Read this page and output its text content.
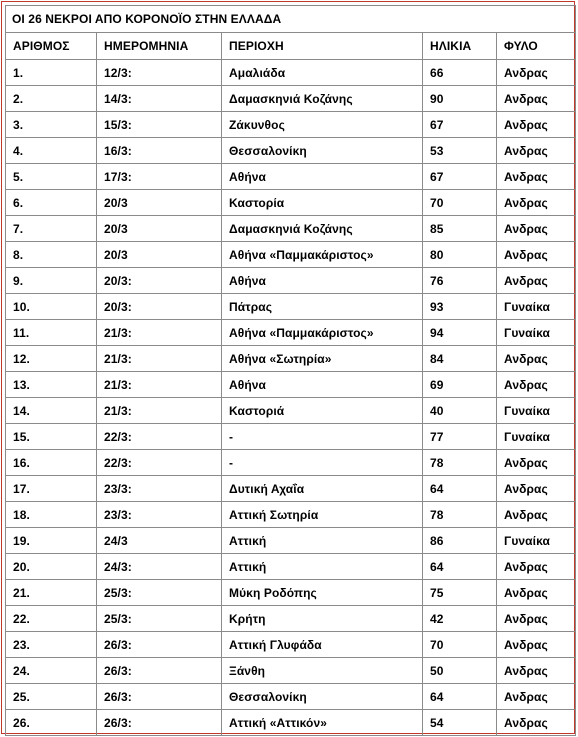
ΟΙ 26 ΝΕΚΡΟΙ ΑΠΟ ΚΟΡΟΝΟΪΟ ΣΤΗΝ ΕΛΛΑΔΑ				
ΑΡΙΘΜΟΣ	ΗΜΕΡΟΜΗΝΙΑ	ΠΕΡΙΟΧΗ	ΗΛΙΚΙΑ	ΦΥΛΟ
1.	12/3:	Αμαλιάδα	66	Ανδρας
2.	14/3:	Δαμασκηνιά Κοζάνης	90	Ανδρας
3.	15/3:	Ζάκυνθος	67	Ανδρας
4.	16/3:	Θεσσαλονίκη	53	Ανδρας
5.	17/3:	Αθήνα	67	Ανδρας
6.	20/3	Καστορία	70	Ανδρας
7.	20/3	Δαμασκηνιά Κοζάνης	85	Ανδρας
8.	20/3	Αθήνα «Παμμακάριστος»	80	Ανδρας
9.	20/3:	Αθήνα	76	Ανδρας
10.	20/3:	Πάτρας	93	Γυναίκα
11.	21/3:	Αθήνα «Παμμακάριστος»	94	Γυναίκα
12.	21/3:	Αθήνα «Σωτηρία»	84	Ανδρας
13.	21/3:	Αθήνα	69	Ανδρας
14.	21/3:	Καστοριά	40	Γυναίκα
15.	22/3:	-	77	Γυναίκα
16.	22/3:	-	78	Ανδρας
17.	23/3:	Δυτική Αχαΐα	64	Ανδρας
18.	23/3:	Αττική Σωτηρία	78	Ανδρας
19.	24/3	Αττική	86	Γυναίκα
20.	24/3:	Αττική	64	Ανδρας
21.	25/3:	Μύκη Ροδόπης	75	Ανδρας
22.	25/3:	Κρήτη	42	Ανδρας
23.	26/3:	Αττική Γλυφάδα	70	Ανδρας
24.	26/3:	Ξάνθη	50	Ανδρας
25.	26/3:	Θεσσαλονίκη	64	Ανδρας
26.	26/3:	Αττική «Αττικόν»	54	Ανδρας
